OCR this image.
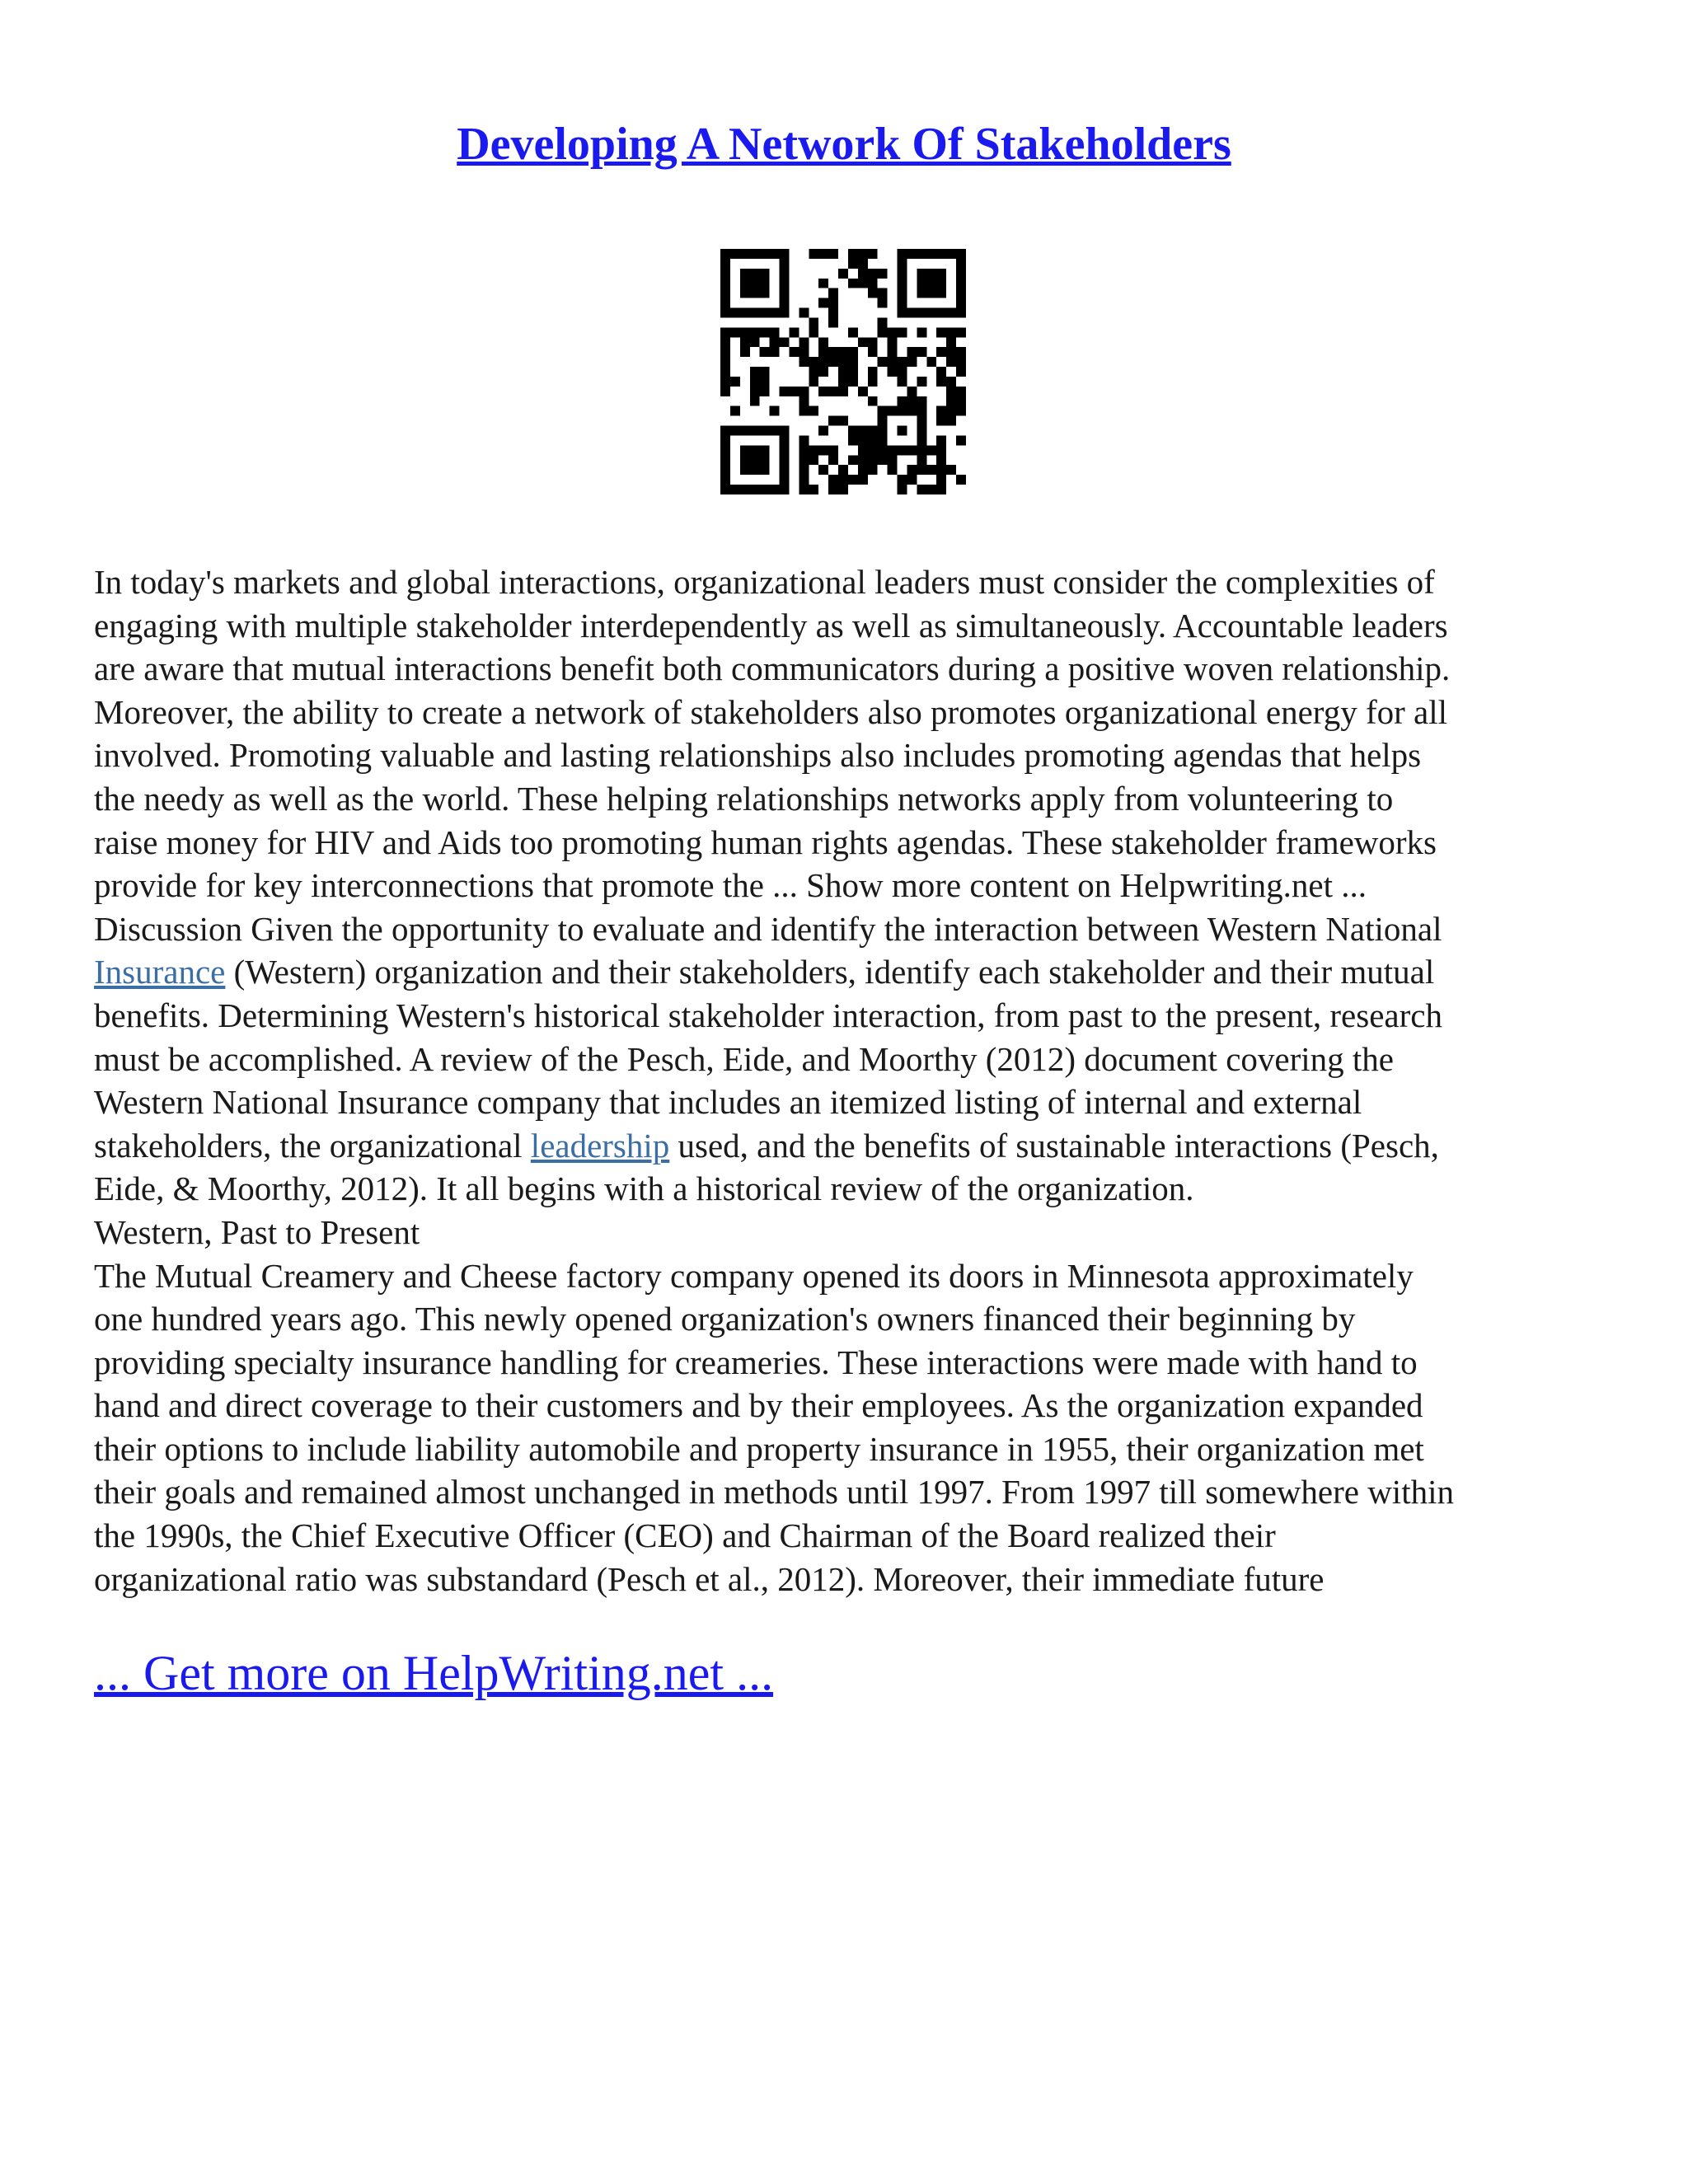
Developing A Network Of Stakeholders
In today's markets and global interactions, organizational leaders must consider the complexities of
engaging with multiple stakeholder interdependently as well as simultaneously. Accountable leaders
are aware that mutual interactions benefit both communicators during a positive woven relationship.
Moreover, the ability to create a network of stakeholders also promotes organizational energy for all
involved. Promoting valuable and lasting relationships also includes promoting agendas that helps
the needy as well as the world. These helping relationships networks apply from volunteering to
raise money for HIV and Aids too promoting human rights agendas. These stakeholder frameworks
provide for key interconnections that promote the ... Show more content on Helpwriting.net ...
Discussion Given the opportunity to evaluate and identify the interaction between Western National
Insurance (Western) organization and their stakeholders, identify each stakeholder and their mutual
benefits. Determining Western's historical stakeholder interaction, from past to the present, research
must be accomplished. A review of the Pesch, Eide, and Moorthy (2012) document covering the
Western National Insurance company that includes an itemized listing of internal and external
stakeholders, the organizational leadership used, and the benefits of sustainable interactions (Pesch,
Eide, & Moorthy, 2012). It all begins with a historical review of the organization.
Western, Past to Present
The Mutual Creamery and Cheese factory company opened its doors in Minnesota approximately
one hundred years ago. This newly opened organization's owners financed their beginning by
providing specialty insurance handling for creameries. These interactions were made with hand to
hand and direct coverage to their customers and by their employees. As the organization expanded
their options to include liability automobile and property insurance in 1955, their organization met
their goals and remained almost unchanged in methods until 1997. From 1997 till somewhere within
the 1990s, the Chief Executive Officer (CEO) and Chairman of the Board realized their
organizational ratio was substandard (Pesch et al., 2012). Moreover, their immediate future
... Get more on HelpWriting.net ...
